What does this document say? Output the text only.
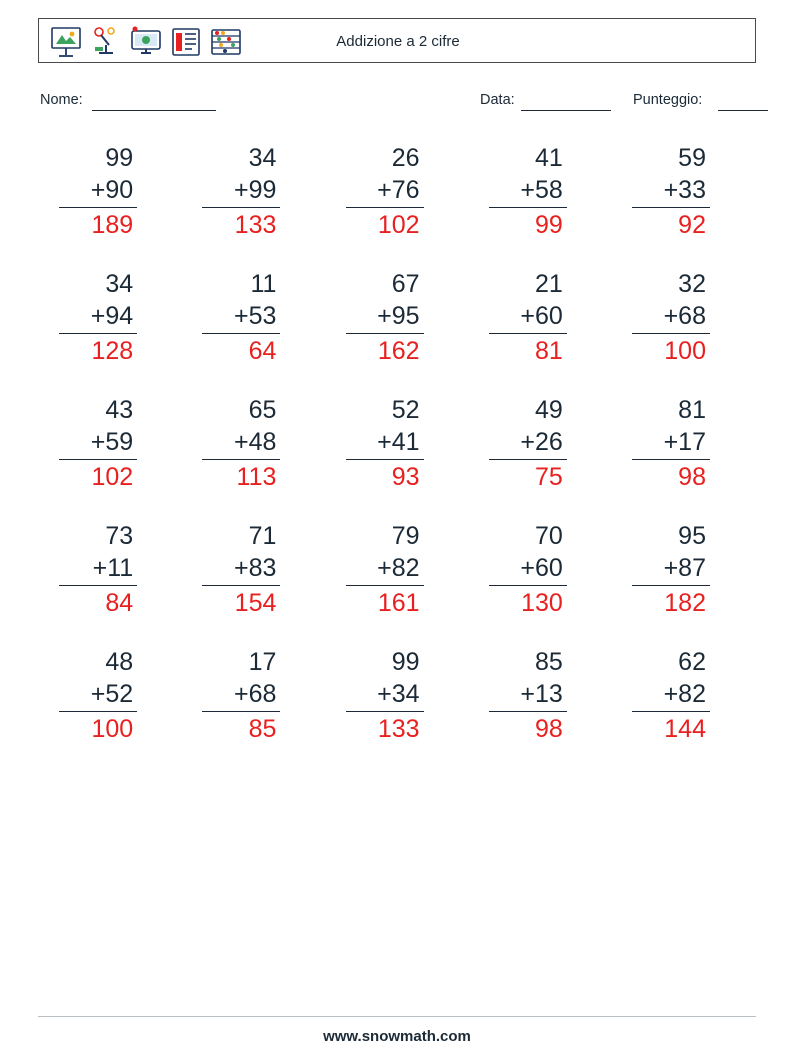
Addizione a 2 cifre
Nome:	Data:	Punteggio:
99
+90
189
34
+99
133
26
+76
102
41
+58
99
59
+33
92
34
+94
128
11
+53
64
67
+95
162
21
+60
81
32
+68
100
43
+59
102
65
+48
113
52
+41
93
49
+26
75
81
+17
98
73
+11
84
71
+83
154
79
+82
161
70
+60
130
95
+87
182
48
+52
100
17
+68
85
99
+34
133
85
+13
98
62
+82
144
www.snowmath.com
